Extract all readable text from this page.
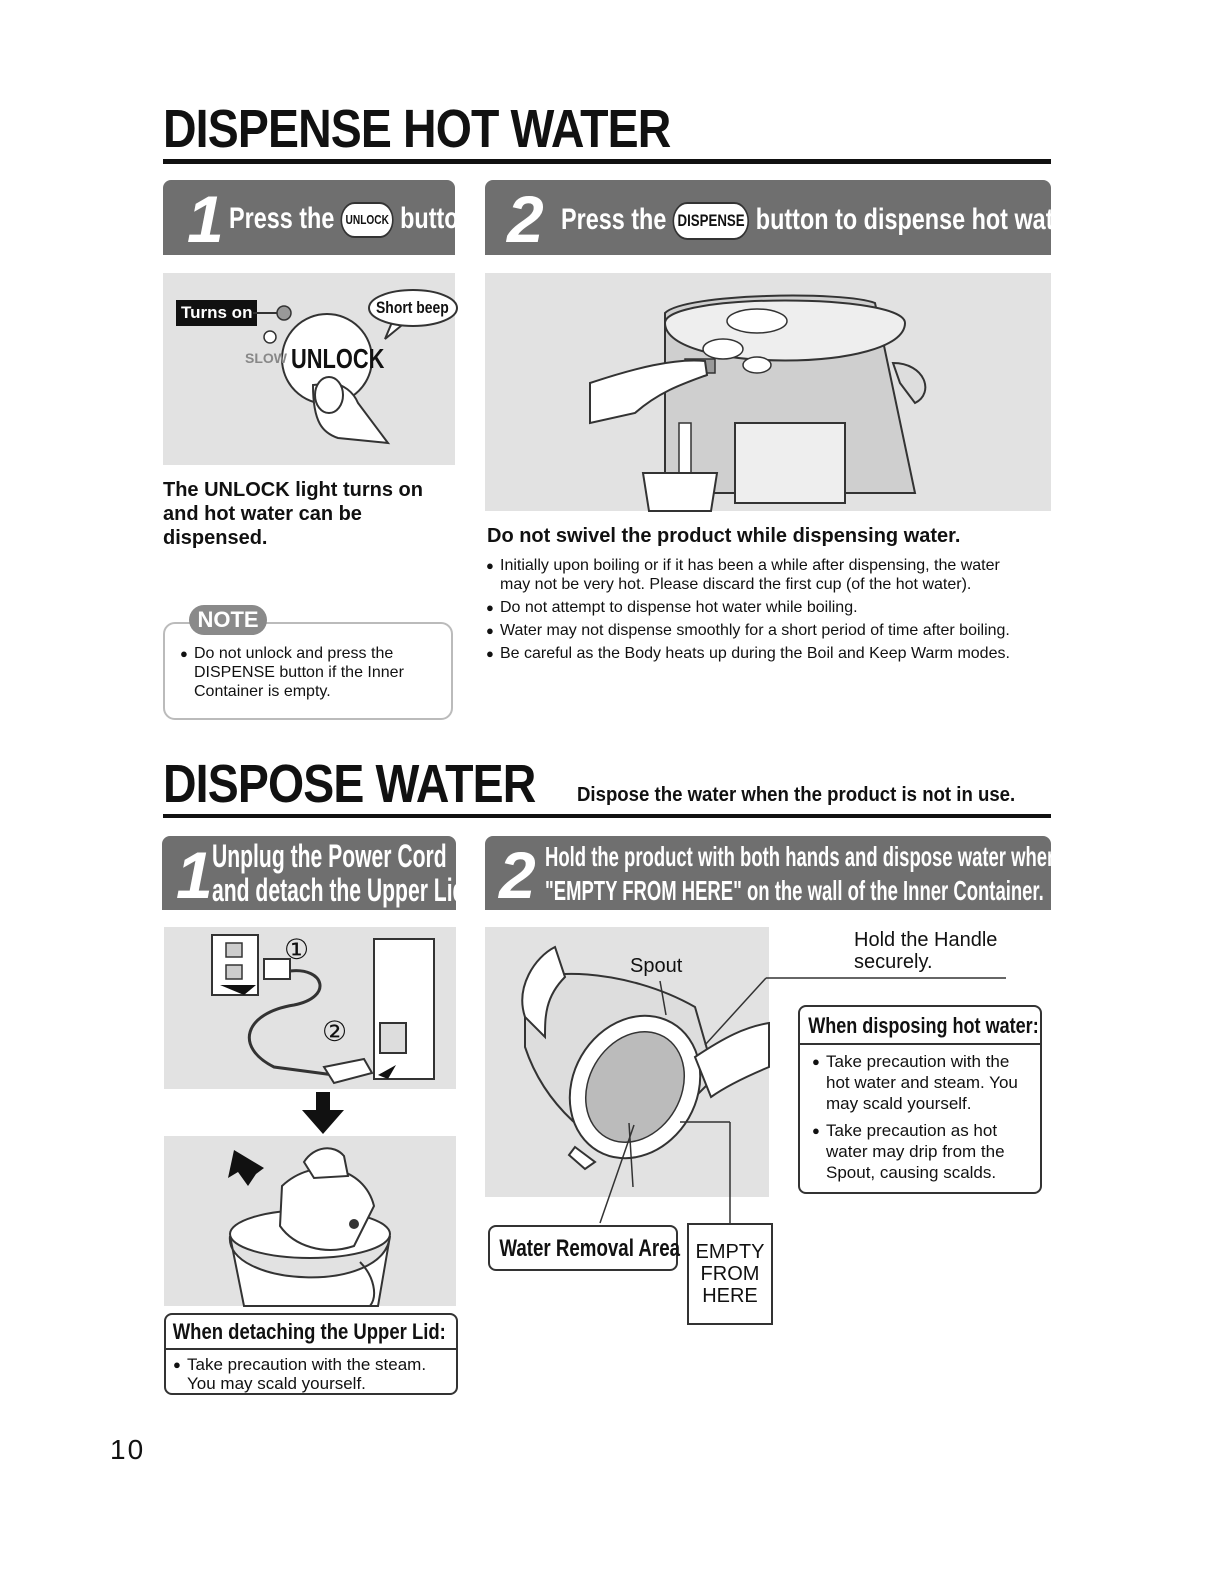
DISPENSE HOT WATER
1 Press the UNLOCK button. 2 Press the DISPENSE button to dispense hot water.
Turns on	Short beep
SLOW UNLOCK
The UNLOCK light turns on and hot water can be dispensed.
NOTE
● Do not unlock and press the DISPENSE button if the Inner Container is empty.
Do not swivel the product while dispensing water.
● Initially upon boiling or if it has been a while after dispensing, the water may not be very hot. Please discard the first cup (of the hot water).
● Do not attempt to dispense hot water while boiling.
● Water may not dispense smoothly for a short period of time after boiling.
● Be careful as the Body heats up during the Boil and Keep Warm modes.
DISPOSE WATER Dispose the water when the product is not in use.
1 Unplug the Power Cord
and detach the Upper Lid. 2 Hold the product with both hands and dispose water where indicated
"EMPTY FROM HERE" on the wall of the Inner Container.
①
②
When detaching the Upper Lid:
● Take precaution with the steam. You may scald yourself.
Spout
Hold the Handle
securely.
When disposing hot water:
● Take precaution with the hot water and steam. You may scald yourself.
● Take precaution as hot water may drip from the Spout, causing scalds.
Water Removal Area EMPTY
FROM
HERE
10
